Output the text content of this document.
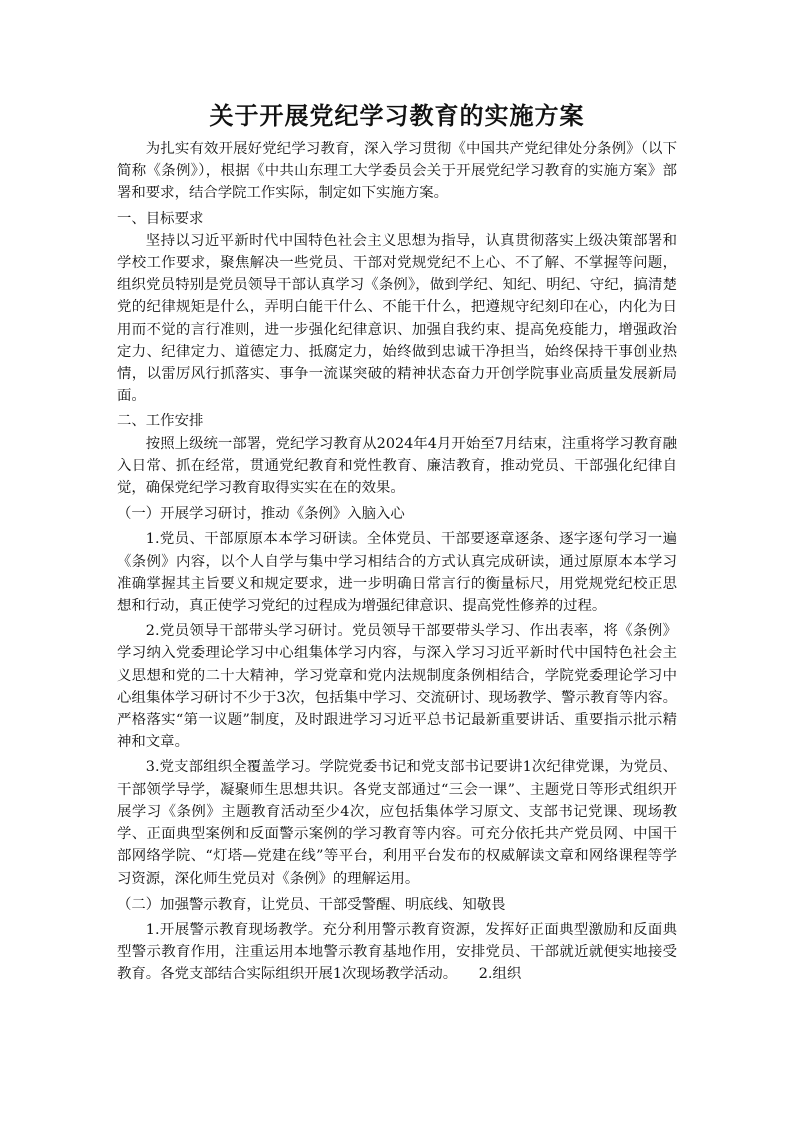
关于开展党纪学习教育的实施方案

为扎实有效开展好党纪学习教育，深入学习贯彻《中国共产党纪律处分条例》（以下简称《条例》），根据《中共山东理工大学委员会关于开展党纪学习教育的实施方案》部署和要求，结合学院工作实际，制定如下实施方案。

一、目标要求

坚持以习近平新时代中国特色社会主义思想为指导，认真贯彻落实上级决策部署和学校工作要求，聚焦解决一些党员、干部对党规党纪不上心、不了解、不掌握等问题，组织党员特别是党员领导干部认真学习《条例》，做到学纪、知纪、明纪、守纪，搞清楚党的纪律规矩是什么，弄明白能干什么、不能干什么，把遵规守纪刻印在心，内化为日用而不觉的言行准则，进一步强化纪律意识、加强自我约束、提高免疫能力，增强政治定力、纪律定力、道德定力、抵腐定力，始终做到忠诚干净担当，始终保持干事创业热情，以雷厉风行抓落实、事争一流谋突破的精神状态奋力开创学院事业高质量发展新局面。

二、工作安排

按照上级统一部署，党纪学习教育从2024年4月开始至7月结束，注重将学习教育融入日常、抓在经常，贯通党纪教育和党性教育、廉洁教育，推动党员、干部强化纪律自觉，确保党纪学习教育取得实实在在的效果。

（一）开展学习研讨，推动《条例》入脑入心

1.党员、干部原原本本学习研读。全体党员、干部要逐章逐条、逐字逐句学习一遍《条例》内容，以个人自学与集中学习相结合的方式认真完成研读，通过原原本本学习准确掌握其主旨要义和规定要求，进一步明确日常言行的衡量标尺，用党规党纪校正思想和行动，真正使学习党纪的过程成为增强纪律意识、提高党性修养的过程。

2.党员领导干部带头学习研讨。党员领导干部要带头学习、作出表率，将《条例》学习纳入党委理论学习中心组集体学习内容，与深入学习习近平新时代中国特色社会主义思想和党的二十大精神，学习党章和党内法规制度条例相结合，学院党委理论学习中心组集体学习研讨不少于3次，包括集中学习、交流研讨、现场教学、警示教育等内容。严格落实“第一议题”制度，及时跟进学习习近平总书记最新重要讲话、重要指示批示精神和文章。

3.党支部组织全覆盖学习。学院党委书记和党支部书记要讲1次纪律党课，为党员、干部领学导学，凝聚师生思想共识。各党支部通过“三会一课”、主题党日等形式组织开展学习《条例》主题教育活动至少4次，应包括集体学习原文、支部书记党课、现场教学、正面典型案例和反面警示案例的学习教育等内容。可充分依托共产党员网、中国干部网络学院、“灯塔—党建在线”等平台，利用平台发布的权威解读文章和网络课程等学习资源，深化师生党员对《条例》的理解运用。

（二）加强警示教育，让党员、干部受警醒、明底线、知敬畏

1.开展警示教育现场教学。充分利用警示教育资源，发挥好正面典型激励和反面典型警示教育作用，注重运用本地警示教育基地作用，安排党员、干部就近就便实地接受教育。各党支部结合实际组织开展1次现场教学活动。　　2.组织
